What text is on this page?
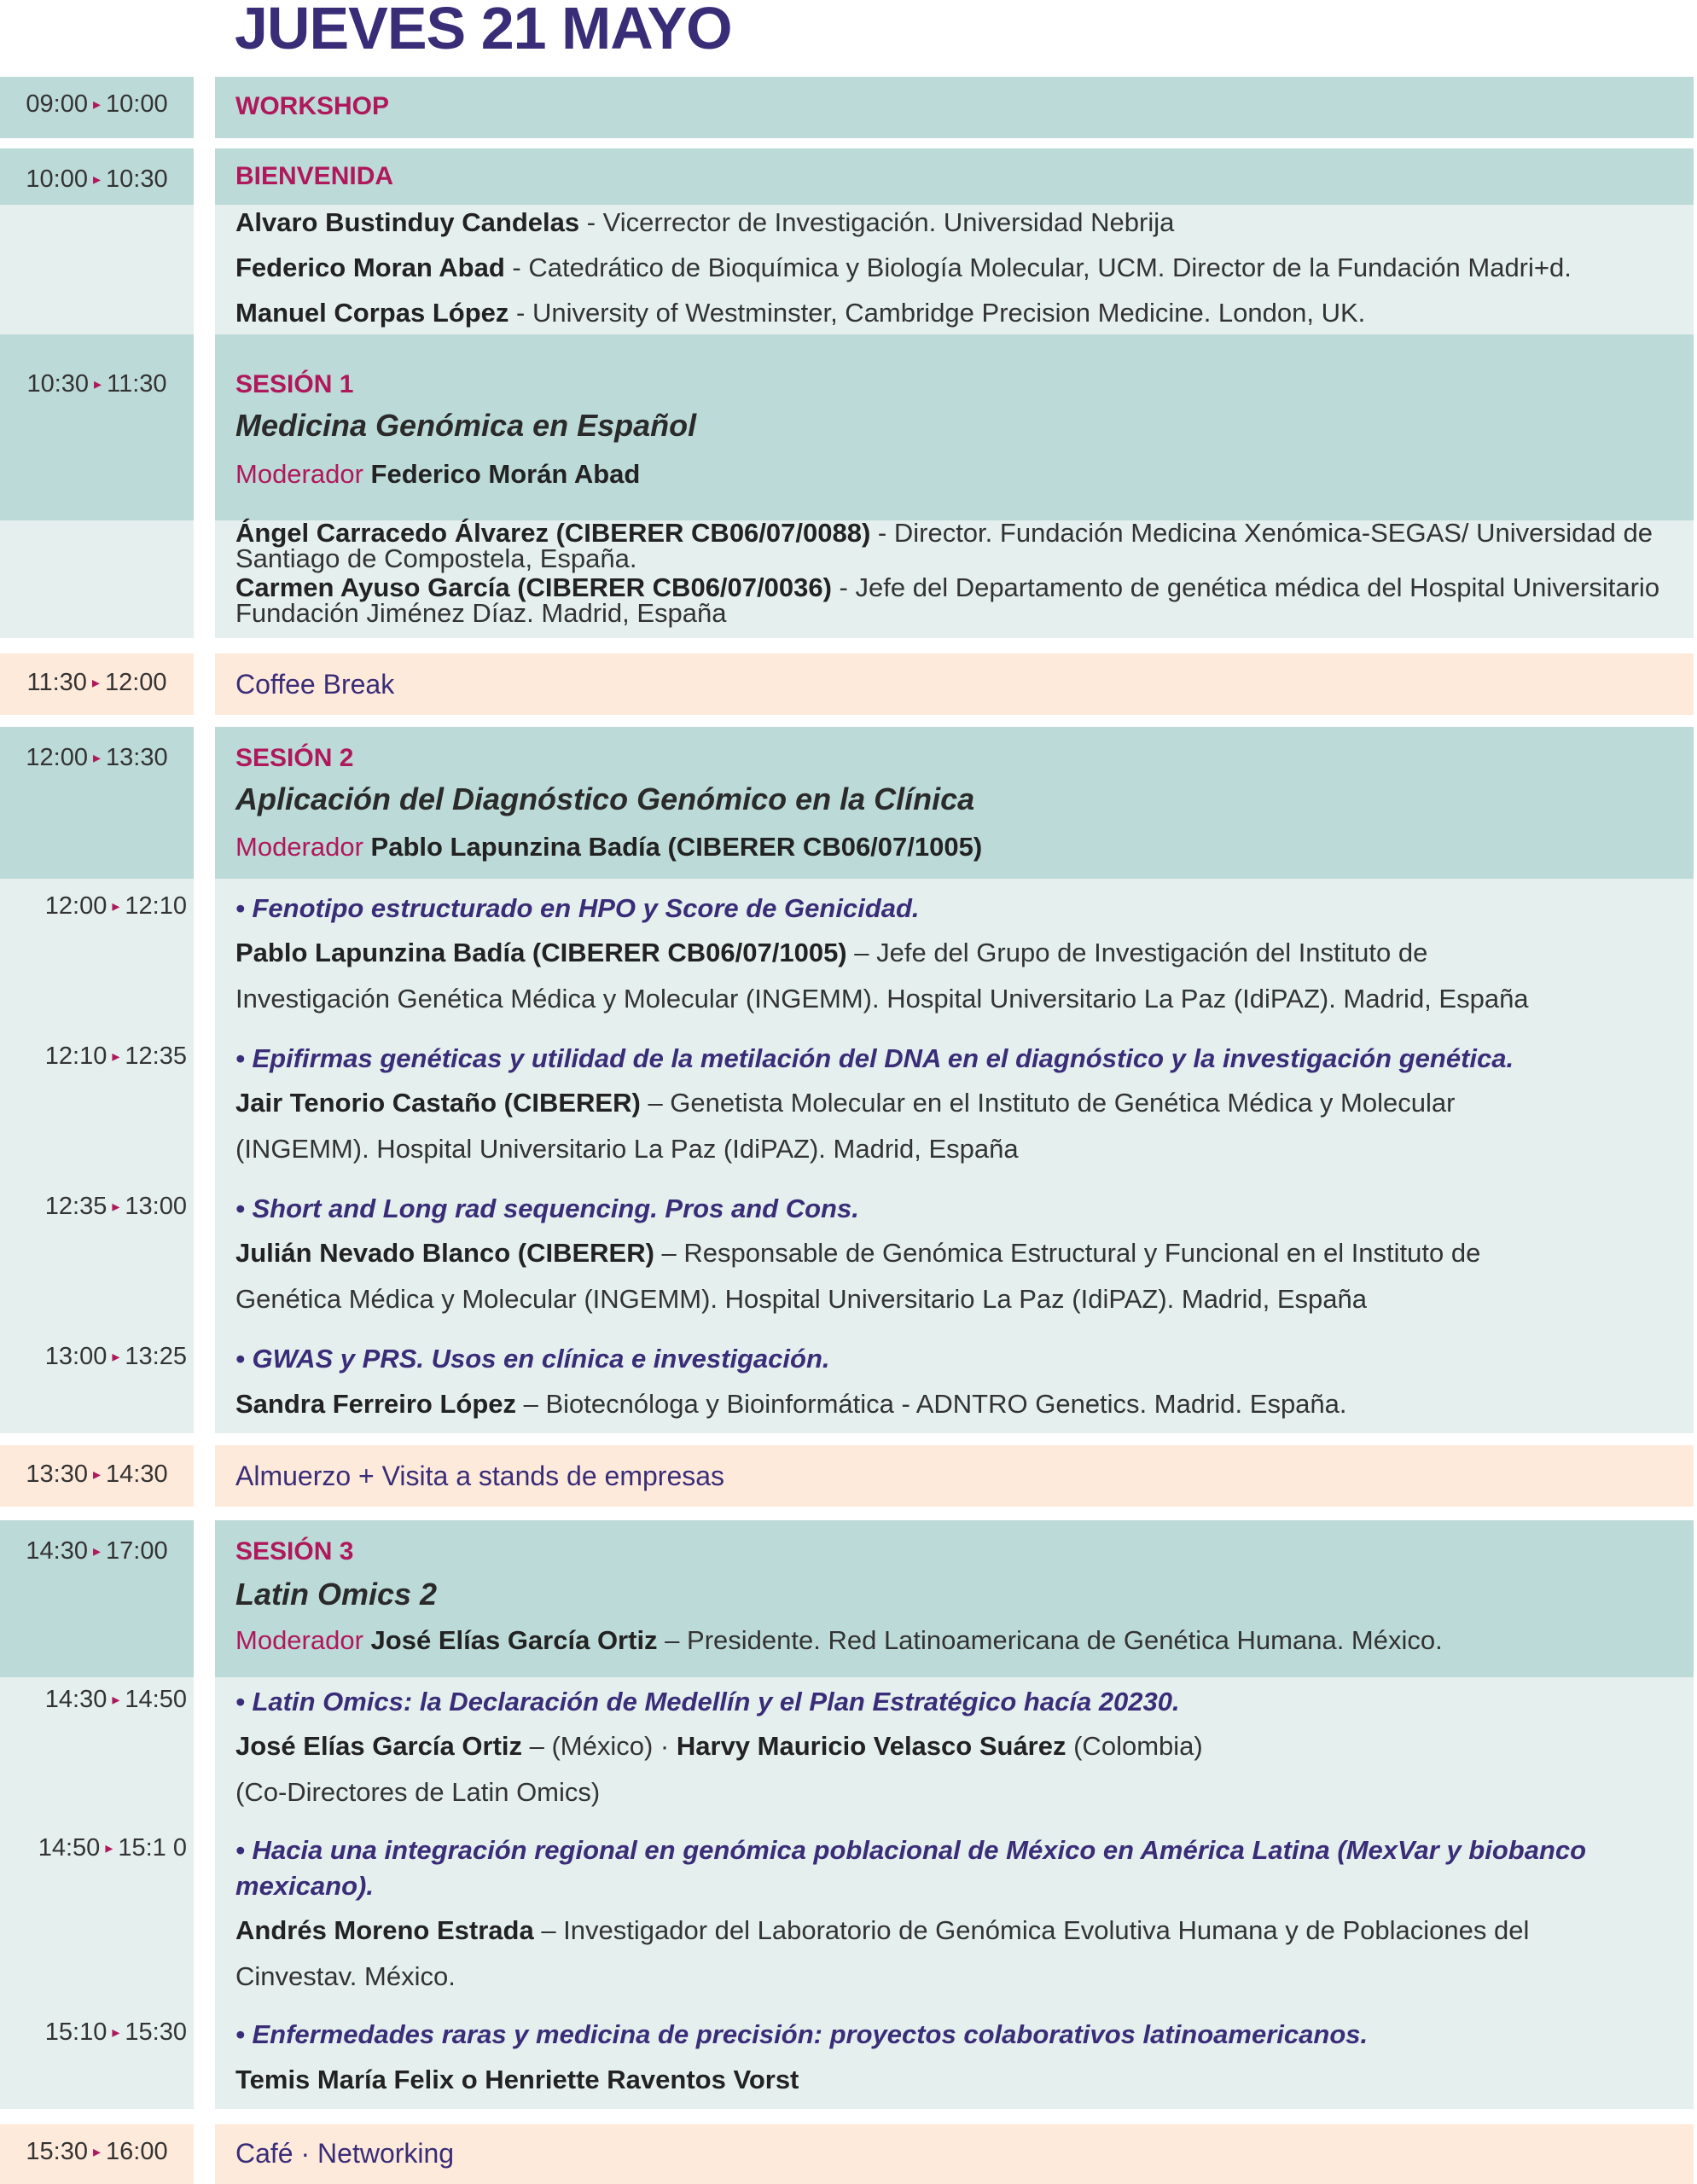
JUEVES 21 MAYO
09:00 ▸ 10:00	WORKSHOP
10:00 ▸ 10:30	BIENVENIDA
Alvaro Bustinduy Candelas - Vicerrector de Investigación. Universidad Nebrija
Federico Moran Abad - Catedrático de Bioquímica y Biología Molecular, UCM. Director de la Fundación Madri+d.
Manuel Corpas López - University of Westminster, Cambridge Precision Medicine. London, UK.
10:30 ▸ 11:30	SESIÓN 1
Medicina Genómica en Español
Moderador Federico Morán Abad
Ángel Carracedo Álvarez (CIBERER CB06/07/0088) - Director. Fundación Medicina Xenómica-SEGAS/ Universidad de Santiago de Compostela, España.
Carmen Ayuso García (CIBERER CB06/07/0036) - Jefe del Departamento de genética médica del Hospital Universitario Fundación Jiménez Díaz. Madrid, España
11:30 ▸ 12:00	Coffee Break
12:00 ▸ 13:30	SESIÓN 2
Aplicación del Diagnóstico Genómico en la Clínica
Moderador Pablo Lapunzina Badía (CIBERER CB06/07/1005)
12:00 ▸ 12:10 • Fenotipo estructurado en HPO y Score de Genicidad.
Pablo Lapunzina Badía (CIBERER CB06/07/1005) – Jefe del Grupo de Investigación del Instituto de
Investigación Genética Médica y Molecular (INGEMM). Hospital Universitario La Paz (IdiPAZ). Madrid, España
12:10 ▸ 12:35 • Epifirmas genéticas y utilidad de la metilación del DNA en el diagnóstico y la investigación genética.
Jair Tenorio Castaño (CIBERER) – Genetista Molecular en el Instituto de Genética Médica y Molecular
(INGEMM). Hospital Universitario La Paz (IdiPAZ). Madrid, España
12:35 ▸ 13:00 • Short and Long rad sequencing. Pros and Cons.
Julián Nevado Blanco (CIBERER) – Responsable de Genómica Estructural y Funcional en el Instituto de
Genética Médica y Molecular (INGEMM). Hospital Universitario La Paz (IdiPAZ). Madrid, España
13:00 ▸ 13:25 • GWAS y PRS. Usos en clínica e investigación.
Sandra Ferreiro López – Biotecnóloga y Bioinformática - ADNTRO Genetics. Madrid. España.
13:30 ▸ 14:30	Almuerzo + Visita a stands de empresas
14:30 ▸ 17:00	SESIÓN 3
Latin Omics 2
Moderador José Elías García Ortiz – Presidente. Red Latinoamericana de Genética Humana. México.
14:30 ▸ 14:50 • Latin Omics: la Declaración de Medellín y el Plan Estratégico hacía 20230.
José Elías García Ortiz – (México) · Harvy Mauricio Velasco Suárez (Colombia)
(Co-Directores de Latin Omics)
14:50 ▸ 15:1 0 • Hacia una integración regional en genómica poblacional de México en América Latina (MexVar y biobanco mexicano).
Andrés Moreno Estrada – Investigador del Laboratorio de Genómica Evolutiva Humana y de Poblaciones del
Cinvestav. México.
15:10 ▸ 15:30 • Enfermedades raras y medicina de precisión: proyectos colaborativos latinoamericanos.
Temis María Felix o Henriette Raventos Vorst
15:30 ▸ 16:00	Café · Networking
